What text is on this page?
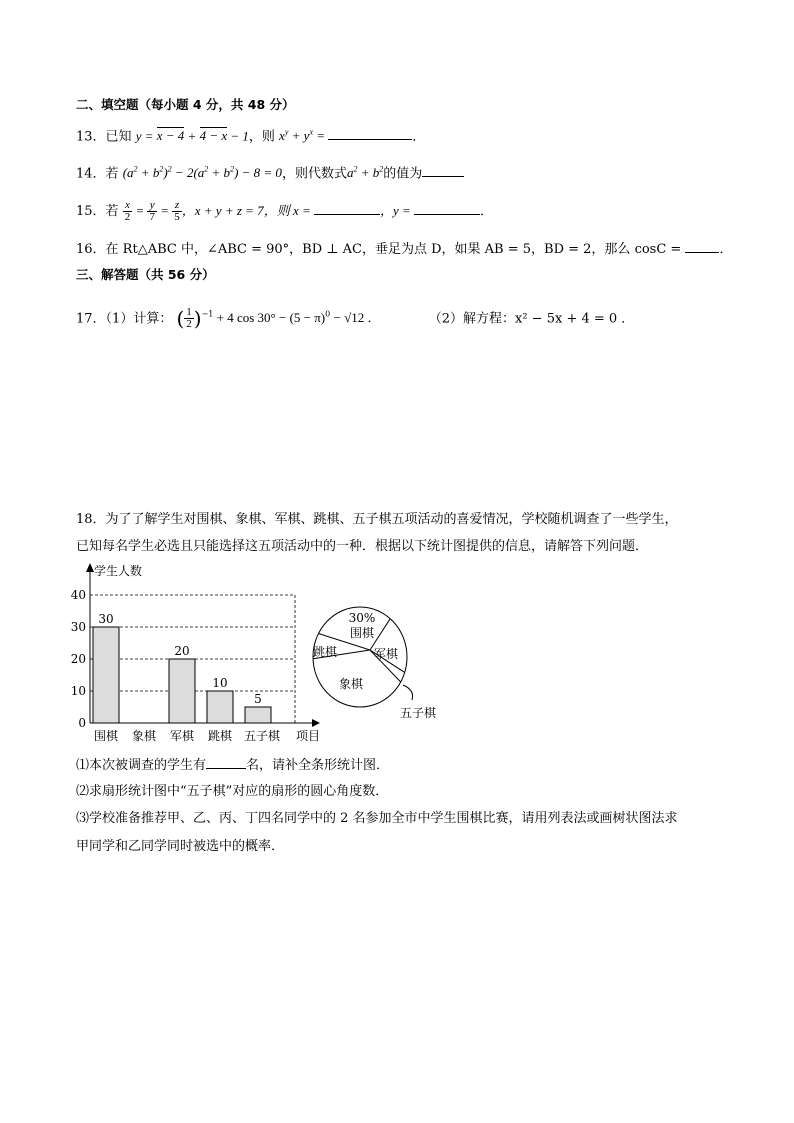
二、填空题（每小题 4 分，共 48 分）
13．已知 y = x − 4 + 4 − x − 1，则 $x^y + y^x$ =	．
14．若 $(a^2 + b^2)^2 - 2(a^2 + b^2) - 8 = 0$，则代数式$a^2 + b^2$的值为
15．若 $\frac{x}{2} = \frac{y}{7} = \frac{z}{5}$ ，x + y + z = 7，则 x =	，y =	．
16．在 Rt△ABC 中，∠ABC = 90°，BD ⊥ AC，垂足为点 D，如果 AB = 5，BD = 2，那么 cosC =	．
三、解答题（共 56 分）
17．（1）计算： ( $\frac{1}{2} )^{-1} + 4$ $\cos 30^\circ - (5 - \pi)^0 - √12$ ．	（2）解方程：x² − 5x + 4 = 0 ．
18．为了了解学生对围棋、象棋、军棋、跳棋、五子棋五项活动的喜爱情况，学校随机调查了一些学生，
已知每名学生必选且只能选择这五项活动中的一种．根据以下统计图提供的信息，请解答下列问题．
0
10
20
30
40
学生人数
项目
30
围棋 象棋
20
军棋
10
跳棋
5
五子棋
30%
围棋
军棋
象棋
跳棋
五子棋
⑴本次被调查的学生有	名，请补全条形统计图．
⑵求扇形统计图中“五子棋”对应的扇形的圆心角度数．
⑶学校准备推荐甲、乙、丙、丁四名同学中的 2 名参加全市中学生围棋比赛，请用列表法或画树状图法求
甲同学和乙同学同时被选中的概率．
